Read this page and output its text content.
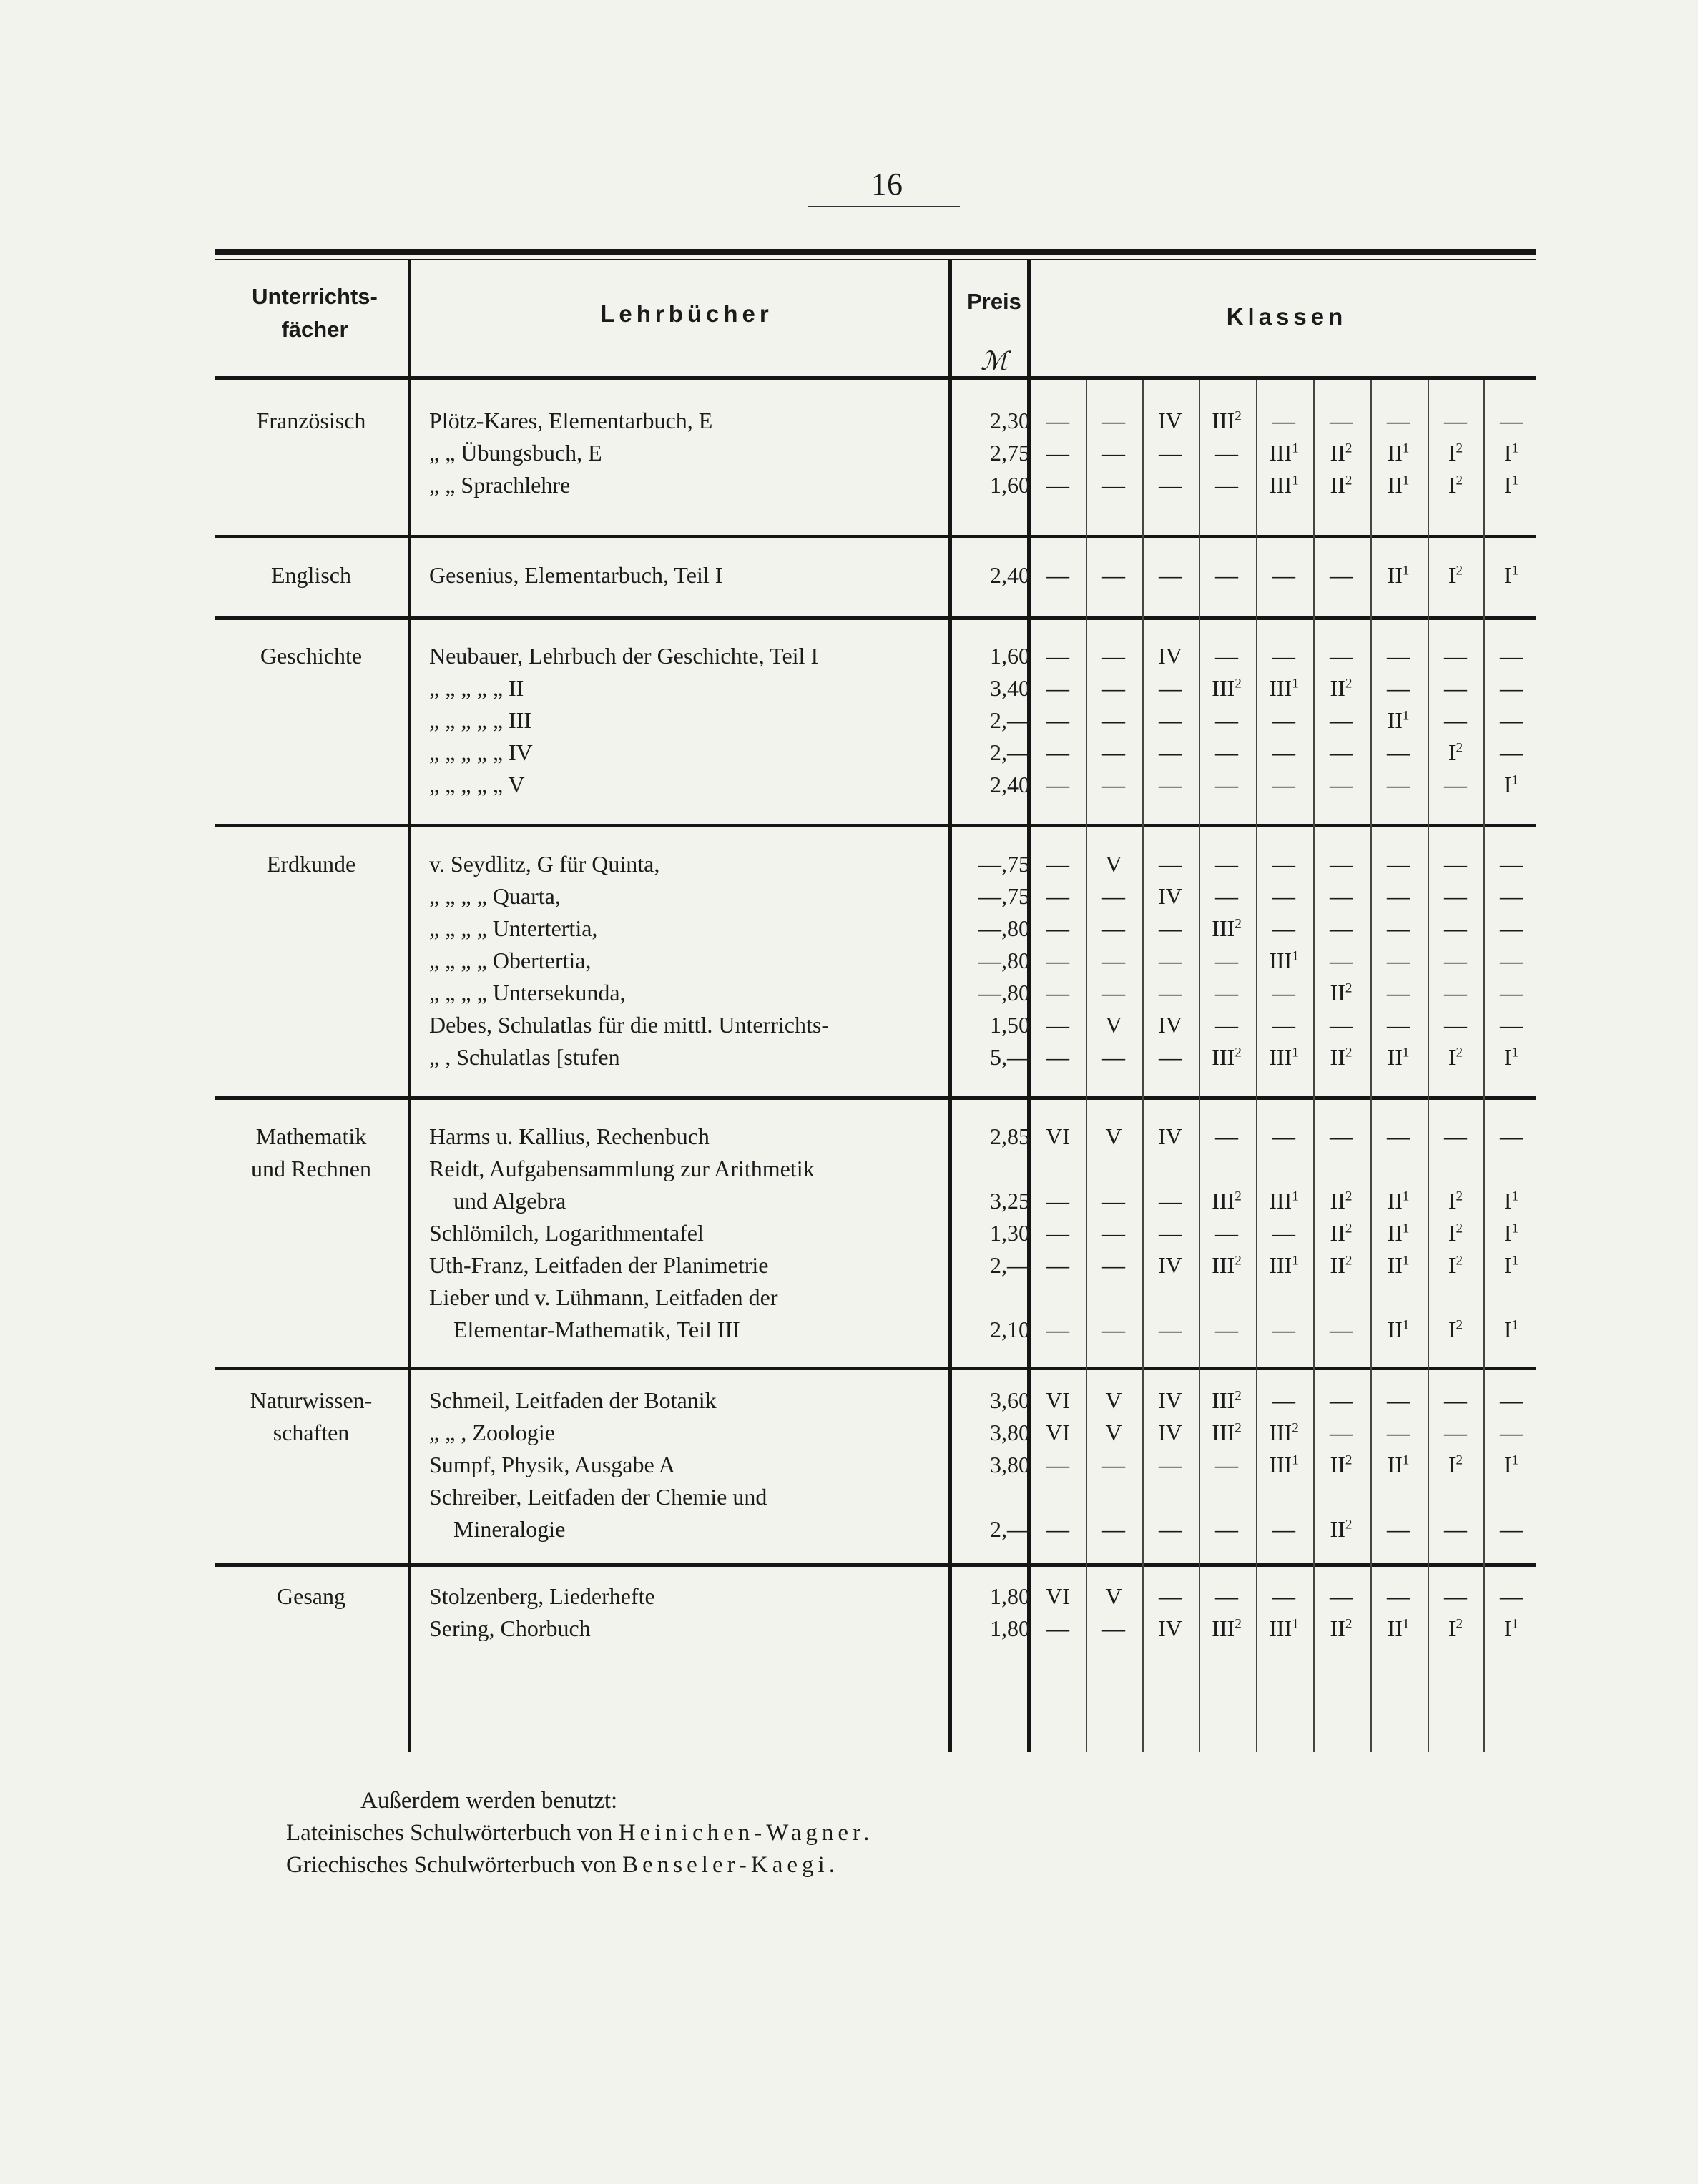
16
Unterrichts-
fächer
Lehrbücher	Preis
ℳ
Klassen
Außerdem werden benutzt:
Lateinisches Schulwörterbuch von Heinichen-Wagner.
Griechisches Schulwörterbuch von Benseler-Kaegi.
Französisch	Plötz-Kares, Elementarbuch, E	2,30 —	—	IV	III$^2$	—	—	—	—	—
„ „ Übungsbuch, E	2,75 —	—	—	—	III$^1$	$II^2$	$II^1$	$I^2$	$I^1$
„ „ Sprachlehre	1,60 —	—	—	—	III$^1$	$II^2$	$II^1$	$I^2$	$I^1$
Englisch	Gesenius, Elementarbuch, Teil I	2,40 —	—	—	—	—	—	$II^1$	$I^2$	$I^1$
Geschichte	Neubauer, Lehrbuch der Geschichte, Teil I	1,60 —	—	IV	—	—	—	—	—	—
„ „ „ „ „ II	3,40 —	—	—	III$^2$	III$^1$	$II^2$	—	—	—
„ „ „ „ „ III	2,— —	—	—	—	—	—	$II^1$	—	—
„ „ „ „ „ IV	2,— —	—	—	—	—	—	—	$I^2$	—
„ „ „ „ „ V	2,40 —	—	—	—	—	—	—	—	$I^1$
Erdkunde	v. Seydlitz, G für Quinta,	—,75 —	V	—	—	—	—	—	—	—
„ „ „ „ Quarta,	—,75 —	—	IV	—	—	—	—	—	—
„ „ „ „ Untertertia,	—,80 —	—	—	III$^2$	—	—	—	—	—
„ „ „ „ Obertertia,	—,80 —	—	—	—	III$^1$	—	—	—	—
„ „ „ „ Untersekunda,	—,80 —	—	—	—	—	$II^2$	—	—	—
Debes, Schulatlas für die mittl. Unterrichts-	1,50 —	V	IV	—	—	—	—	—	—
„ , Schulatlas [stufen	5,— —	—	—	III$^2$	III$^1$	$II^2$	$II^1$	$I^2$	$I^1$
Mathematik
und Rechnen
Harms u. Kallius, Rechenbuch	2,85 VI	V	IV	—	—	—	—	—	—
Reidt, Aufgabensammlung zur Arithmetik
und Algebra	3,25 —	—	—	III$^2$	III$^1$	$II^2$	$II^1$	$I^2$	$I^1$
Schlömilch, Logarithmentafel	1,30 —	—	—	—	—	$II^2$	$II^1$	$I^2$	$I^1$
Uth-Franz, Leitfaden der Planimetrie	2,— —	—	IV	III$^2$	III$^1$	$II^2$	$II^1$	$I^2$	$I^1$
Lieber und v. Lühmann, Leitfaden der
Elementar-Mathematik, Teil III	2,10 —	—	—	—	—	—	$II^1$	$I^2$	$I^1$
Naturwissen-
schaften
Schmeil, Leitfaden der Botanik	3,60 VI	V	IV	III$^2$	—	—	—	—	—
„ „ , Zoologie	3,80 VI	V	IV	III$^2$	III$^2$	—	—	—	—
Sumpf, Physik, Ausgabe A	3,80 —	—	—	—	III$^1$	$II^2$	$II^1$	$I^2$	$I^1$
Schreiber, Leitfaden der Chemie und
Mineralogie	2,— —	—	—	—	—	$II^2$	—	—	—
Gesang	Stolzenberg, Liederhefte	1,80 VI	V	—	—	—	—	—	—	—
Sering, Chorbuch	1,80 —	—	IV	III$^2$	III$^1$	$II^2$	$II^1$	$I^2$	$I^1$
